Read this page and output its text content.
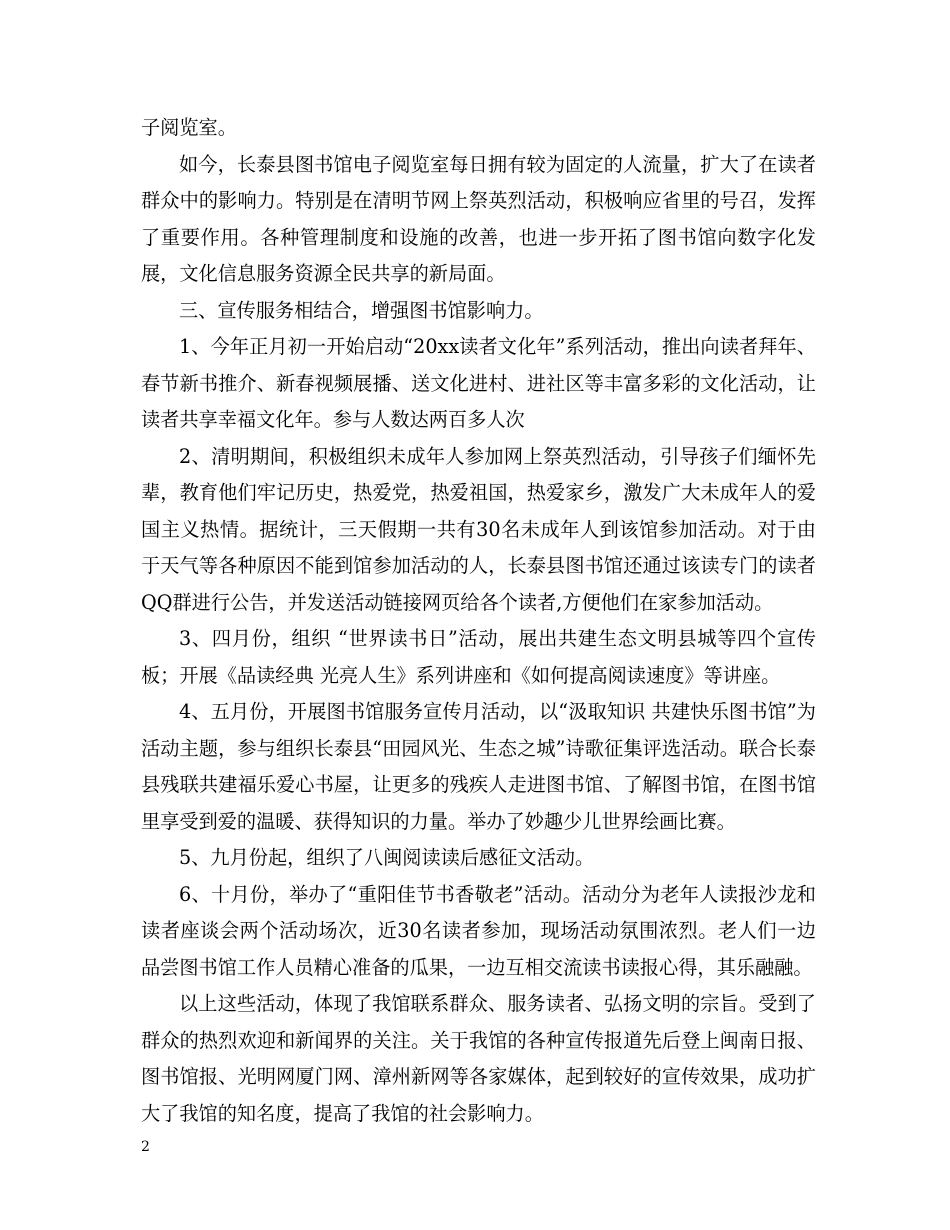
子阅览室。

如今，长泰县图书馆电子阅览室每日拥有较为固定的人流量，扩大了在读者群众中的影响力。特别是在清明节网上祭英烈活动，积极响应省里的号召，发挥了重要作用。各种管理制度和设施的改善，也进一步开拓了图书馆向数字化发展，文化信息服务资源全民共享的新局面。

三、宣传服务相结合，增强图书馆影响力。

1、今年正月初一开始启动“20xx读者文化年”系列活动，推出向读者拜年、春节新书推介、新春视频展播、送文化进村、进社区等丰富多彩的文化活动，让读者共享幸福文化年。参与人数达两百多人次

2、清明期间，积极组织未成年人参加网上祭英烈活动，引导孩子们缅怀先辈，教育他们牢记历史，热爱党，热爱祖国，热爱家乡，激发广大未成年人的爱国主义热情。据统计，三天假期一共有30名未成年人到该馆参加活动。对于由于天气等各种原因不能到馆参加活动的人，长泰县图书馆还通过该读专门的读者QQ群进行公告，并发送活动链接网页给各个读者,方便他们在家参加活动。

3、四月份，组织 “世界读书日”活动，展出共建生态文明县城等四个宣传板；开展《品读经典 光亮人生》系列讲座和《如何提高阅读速度》等讲座。

4、五月份，开展图书馆服务宣传月活动，以“汲取知识 共建快乐图书馆”为活动主题，参与组织长泰县“田园风光、生态之城”诗歌征集评选活动。联合长泰县残联共建福乐爱心书屋，让更多的残疾人走进图书馆、了解图书馆，在图书馆里享受到爱的温暖、获得知识的力量。举办了妙趣少儿世界绘画比赛。

5、九月份起，组织了八闽阅读读后感征文活动。

6、十月份，举办了“重阳佳节书香敬老”活动。活动分为老年人读报沙龙和读者座谈会两个活动场次，近30名读者参加，现场活动氛围浓烈。老人们一边品尝图书馆工作人员精心准备的瓜果，一边互相交流读书读报心得，其乐融融。

以上这些活动，体现了我馆联系群众、服务读者、弘扬文明的宗旨。受到了群众的热烈欢迎和新闻界的关注。关于我馆的各种宣传报道先后登上闽南日报、图书馆报、光明网厦门网、漳州新网等各家媒体，起到较好的宣传效果，成功扩大了我馆的知名度，提高了我馆的社会影响力。

2
